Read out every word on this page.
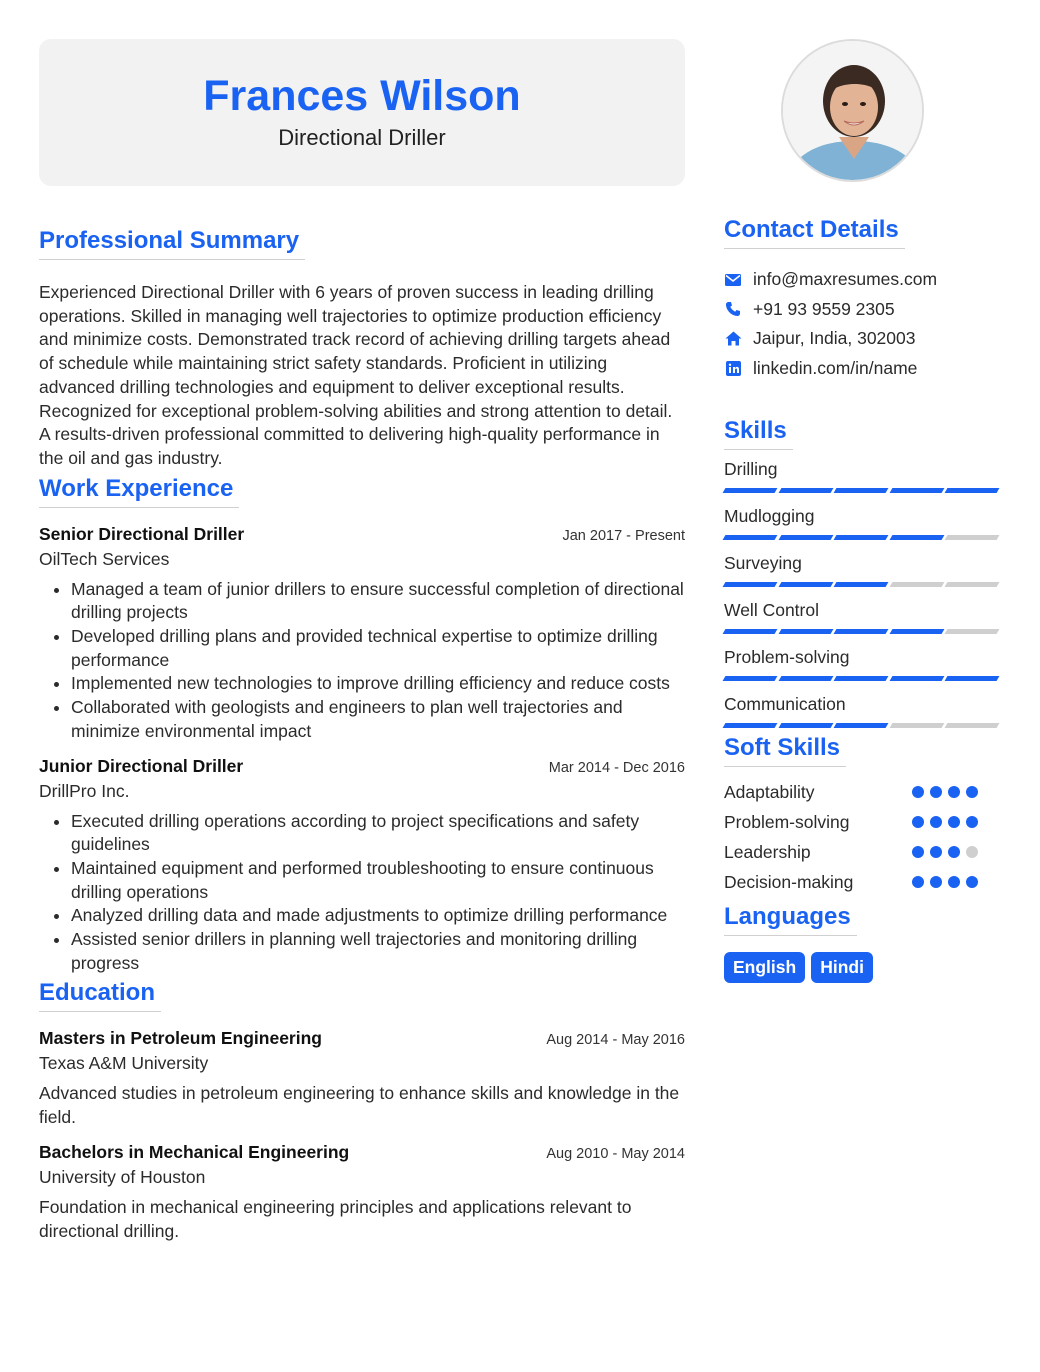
Frances Wilson
Directional Driller
Professional Summary
Experienced Directional Driller with 6 years of proven success in leading drilling operations. Skilled in managing well trajectories to optimize production efficiency and minimize costs. Demonstrated track record of achieving drilling targets ahead of schedule while maintaining strict safety standards. Proficient in utilizing advanced drilling technologies and equipment to deliver exceptional results. Recognized for exceptional problem-solving abilities and strong attention to detail. A results-driven professional committed to delivering high-quality performance in the oil and gas industry.
Work Experience
Senior Directional Driller	Jan 2017 - Present
OilTech Services
• Managed a team of junior drillers to ensure successful completion of directional drilling projects
• Developed drilling plans and provided technical expertise to optimize drilling performance
• Implemented new technologies to improve drilling efficiency and reduce costs
• Collaborated with geologists and engineers to plan well trajectories and minimize environmental impact
Junior Directional Driller	Mar 2014 - Dec 2016
DrillPro Inc.
• Executed drilling operations according to project specifications and safety guidelines
• Maintained equipment and performed troubleshooting to ensure continuous drilling operations
• Analyzed drilling data and made adjustments to optimize drilling performance
• Assisted senior drillers in planning well trajectories and monitoring drilling progress
Education
Masters in Petroleum Engineering	Aug 2014 - May 2016
Texas A&M University
Advanced studies in petroleum engineering to enhance skills and knowledge in the field.
Bachelors in Mechanical Engineering	Aug 2010 - May 2014
University of Houston
Foundation in mechanical engineering principles and applications relevant to directional drilling.
Contact Details
info@maxresumes.com
+91 93 9559 2305
Jaipur, India, 302003
linkedin.com/in/name
Skills
Drilling
Mudlogging
Surveying
Well Control
Problem-solving
Communication
Soft Skills
Adaptability
Problem-solving
Leadership
Decision-making
Languages
English	Hindi
